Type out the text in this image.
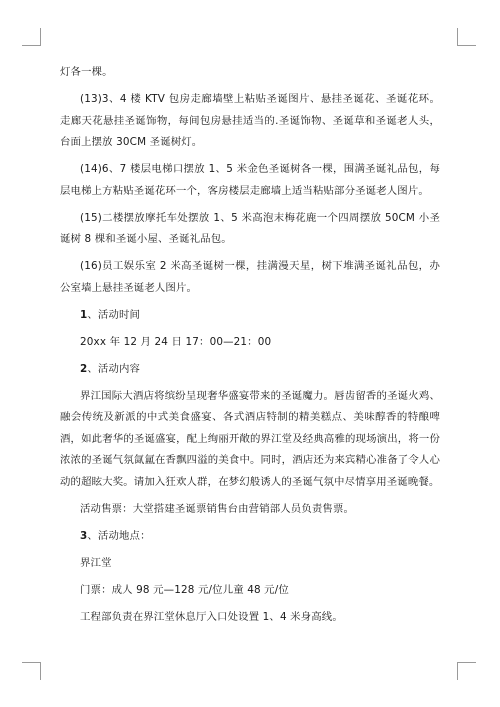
灯各一棵。

(13)3、4 楼 KTV 包房走廊墙壁上粘贴圣诞图片、悬挂圣诞花、圣诞花环。走廊天花悬挂圣诞饰物，每间包房悬挂适当的.圣诞饰物、圣诞草和圣诞老人头，台面上摆放 30CM 圣诞树灯。

(14)6、7 楼层电梯口摆放 1、5 米金色圣诞树各一棵，围满圣诞礼品包，每层电梯上方粘贴圣诞花环一个，客房楼层走廊墙上适当粘贴部分圣诞老人图片。

(15)二楼摆放摩托车处摆放 1、5 米高泡末梅花鹿一个四周摆放 50CM 小圣诞树 8 棵和圣诞小屋、圣诞礼品包。

(16)员工娱乐室 2 米高圣诞树一棵，挂满漫天星，树下堆满圣诞礼品包，办公室墙上悬挂圣诞老人图片。

1、活动时间

20xx 年 12 月 24 日 17：00—21：00

2、活动内容

界江国际大酒店将缤纷呈现奢华盛宴带来的圣诞魔力。唇齿留香的圣诞火鸡、融会传统及新派的中式美食盛宴、各式酒店特制的精美糕点、美味醇香的特酿啤酒，如此奢华的圣诞盛宴，配上绚丽开敞的界江堂及经典高雅的现场演出，将一份浓浓的圣诞气氛氤氲在香飘四溢的美食中。同时，酒店还为来宾精心准备了令人心动的超眩大奖。请加入狂欢人群，在梦幻般诱人的圣诞气氛中尽情享用圣诞晚餐。

活动售票：大堂搭建圣诞票销售台由营销部人员负责售票。

3、活动地点：

界江堂

门票：成人 98 元—128 元/位儿童 48 元/位

工程部负责在界江堂休息厅入口处设置 1、4 米身高线。
